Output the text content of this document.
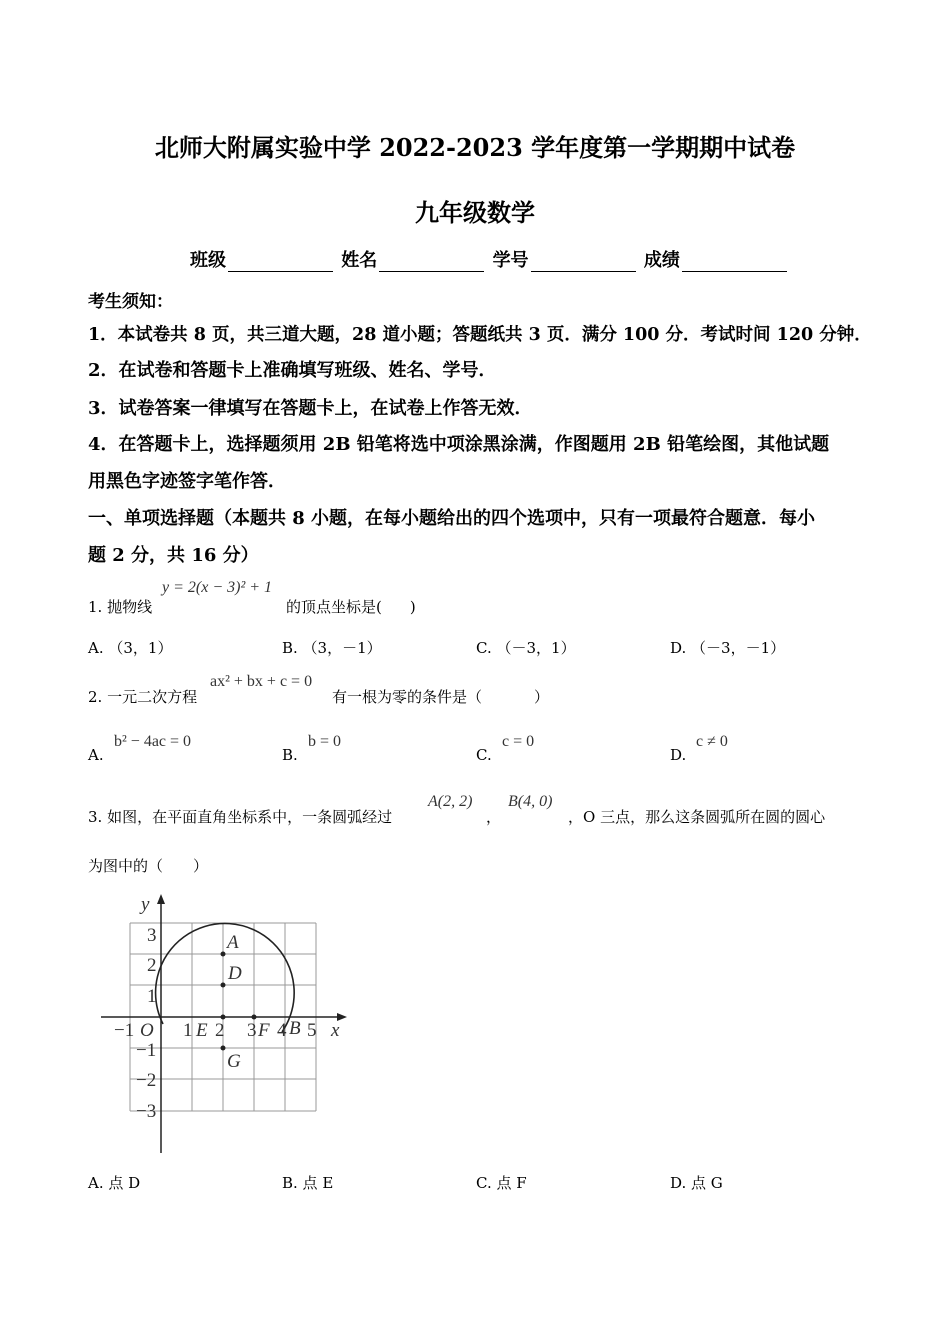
北师大附属实验中学 2022-2023 学年度第一学期期中试卷
九年级数学
班级	姓名	学号	成绩
考生须知：
1．本试卷共 8 页，共三道大题，28 道小题；答题纸共 3 页．满分 100 分．考试时间 120 分钟．
2．在试卷和答题卡上准确填写班级、姓名、学号．
3．试卷答案一律填写在答题卡上，在试卷上作答无效．
4．在答题卡上，选择题须用 2B 铅笔将选中项涂黑涂满，作图题用 2B 铅笔绘图，其他试题
用黑色字迹签字笔作答．
一、单项选择题（本题共 8 小题，在每小题给出的四个选项中，只有一项最符合题意．每小
题 2 分，共 16 分）
1. 抛物线
y = 2(x − 3)² + 1
的顶点坐标是( )
A. （3，1）	B. （3，－1）	C. （－3，1）	D. （－3，－1）
2. 一元二次方程
ax² + bx + c = 0
有一根为零的条件是（	）
A.
b² − 4ac = 0
B.
b = 0
C.
c = 0
D.
c ≠ 0
3. 如图，在平面直角坐标系中，一条圆弧经过
A(2, 2)
，
B(4, 0)
，O 三点，那么这条圆弧所在圆的圆心
为图中的（　　）
y
x
O
3
2
1
−1
−2
−3
−1	1 2 3 4 5
A
D
E	F B
G
A. 点 D	B. 点 E	C. 点 F	D. 点 G
